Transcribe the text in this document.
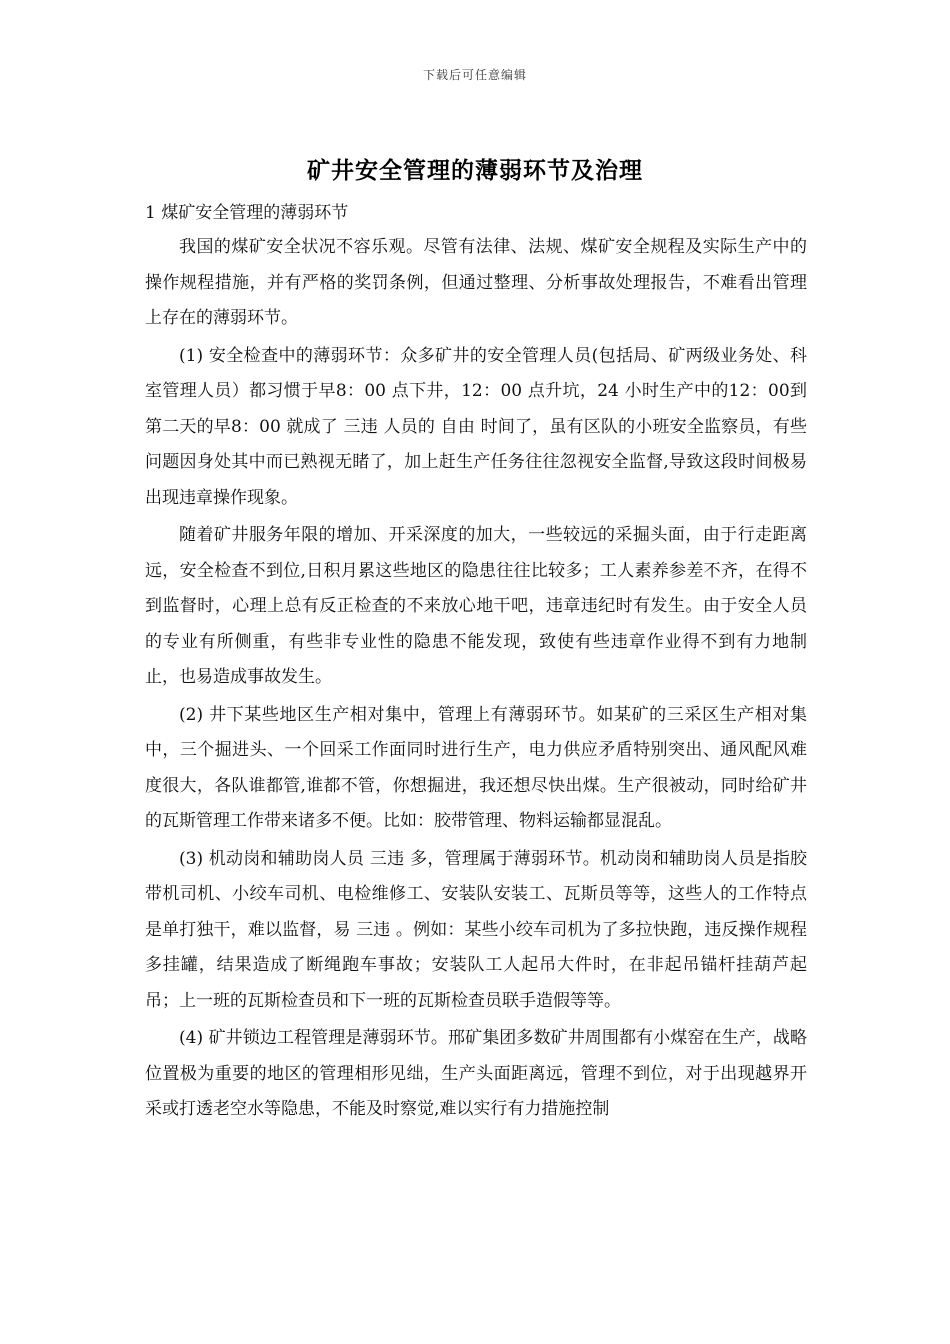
下载后可任意编辑
矿井安全管理的薄弱环节及治理

1 煤矿安全管理的薄弱环节

我国的煤矿安全状况不容乐观。尽管有法律、法规、煤矿安全规程及实际生产中的操作规程措施，并有严格的奖罚条例，但通过整理、分析事故处理报告，不难看出管理上存在的薄弱环节。

(1) 安全检查中的薄弱环节：众多矿井的安全管理人员(包括局、矿两级业务处、科室管理人员）都习惯于早8：00 点下井，12：00 点升坑，24 小时生产中的12：00到第二天的早8：00 就成了 三违 人员的 自由 时间了，虽有区队的小班安全监察员，有些问题因身处其中而已熟视无睹了，加上赶生产任务往往忽视安全监督,导致这段时间极易出现违章操作现象。

随着矿井服务年限的增加、开采深度的加大，一些较远的采掘头面，由于行走距离远，安全检查不到位,日积月累这些地区的隐患往往比较多；工人素养参差不齐，在得不到监督时，心理上总有反正检查的不来放心地干吧，违章违纪时有发生。由于安全人员的专业有所侧重，有些非专业性的隐患不能发现，致使有些违章作业得不到有力地制止，也易造成事故发生。

(2) 井下某些地区生产相对集中，管理上有薄弱环节。如某矿的三采区生产相对集中，三个掘进头、一个回采工作面同时进行生产，电力供应矛盾特别突出、通风配风难度很大，各队谁都管,谁都不管，你想掘进，我还想尽快出煤。生产很被动，同时给矿井的瓦斯管理工作带来诸多不便。比如：胶带管理、物料运输都显混乱。

(3) 机动岗和辅助岗人员 三违 多，管理属于薄弱环节。机动岗和辅助岗人员是指胶带机司机、小绞车司机、电检维修工、安装队安装工、瓦斯员等等，这些人的工作特点是单打独干，难以监督，易 三违 。例如：某些小绞车司机为了多拉快跑，违反操作规程多挂罐，结果造成了断绳跑车事故；安装队工人起吊大件时，在非起吊锚杆挂葫芦起吊；上一班的瓦斯检查员和下一班的瓦斯检查员联手造假等等。

(4) 矿井锁边工程管理是薄弱环节。邢矿集团多数矿井周围都有小煤窑在生产，战略位置极为重要的地区的管理相形见绌，生产头面距离远，管理不到位，对于出现越界开采或打透老空水等隐患，不能及时察觉,难以实行有力措施控制
